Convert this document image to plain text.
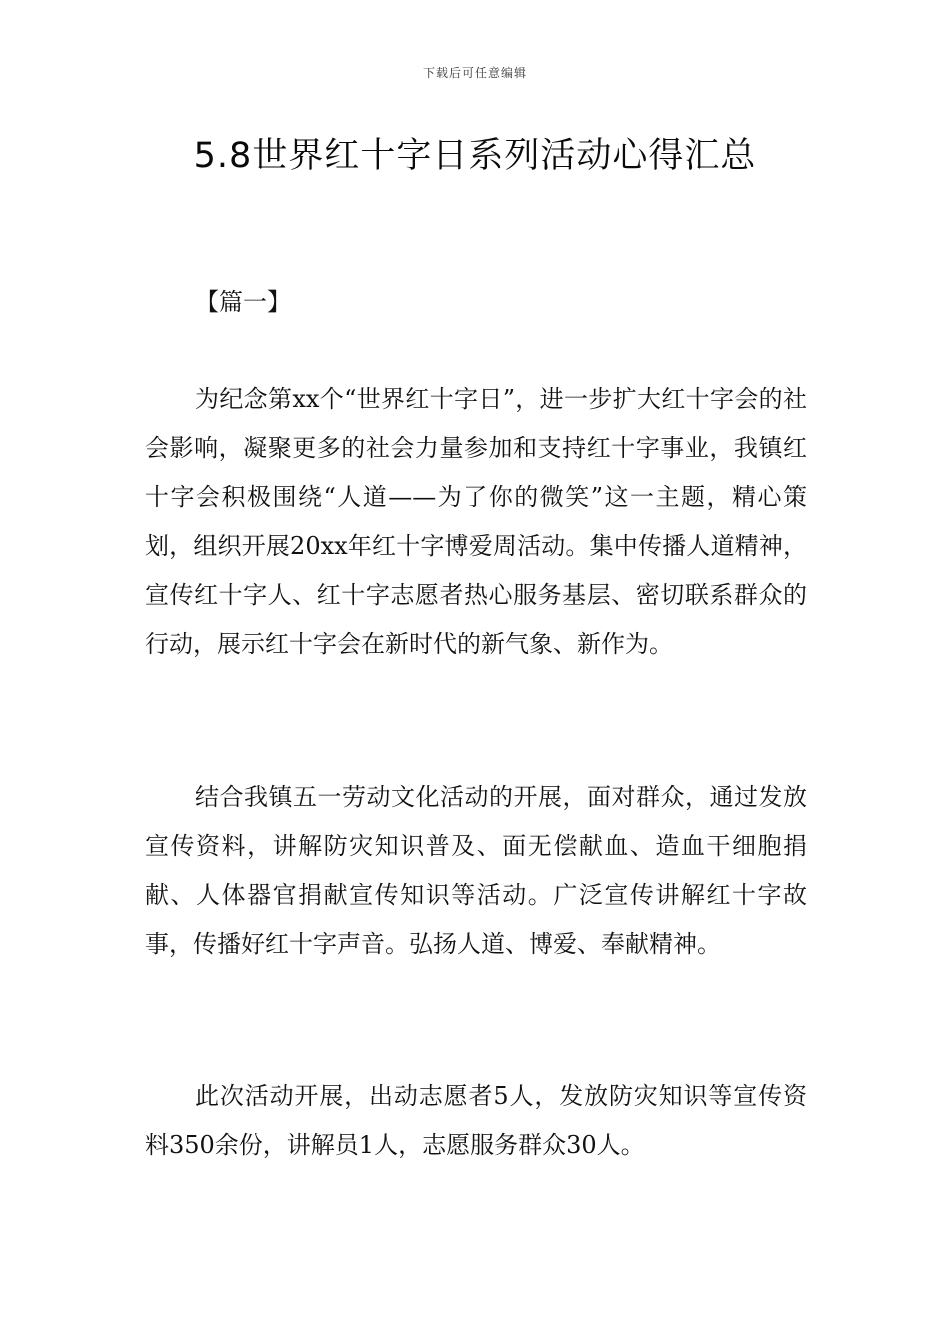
下载后可任意编辑
5.8世界红十字日系列活动心得汇总
【篇一】

为纪念第xx个“世界红十字日”，进一步扩大红十字会的社会影响，凝聚更多的社会力量参加和支持红十字事业，我镇红十字会积极围绕“人道——为了你的微笑”这一主题，精心策划，组织开展20xx年红十字博爱周活动。集中传播人道精神，宣传红十字人、红十字志愿者热心服务基层、密切联系群众的行动，展示红十字会在新时代的新气象、新作为。

结合我镇五一劳动文化活动的开展，面对群众，通过发放宣传资料，讲解防灾知识普及、面无偿献血、造血干细胞捐献、人体器官捐献宣传知识等活动。广泛宣传讲解红十字故事，传播好红十字声音。弘扬人道、博爱、奉献精神。

此次活动开展，出动志愿者5人，发放防灾知识等宣传资料350余份，讲解员1人，志愿服务群众30人。
